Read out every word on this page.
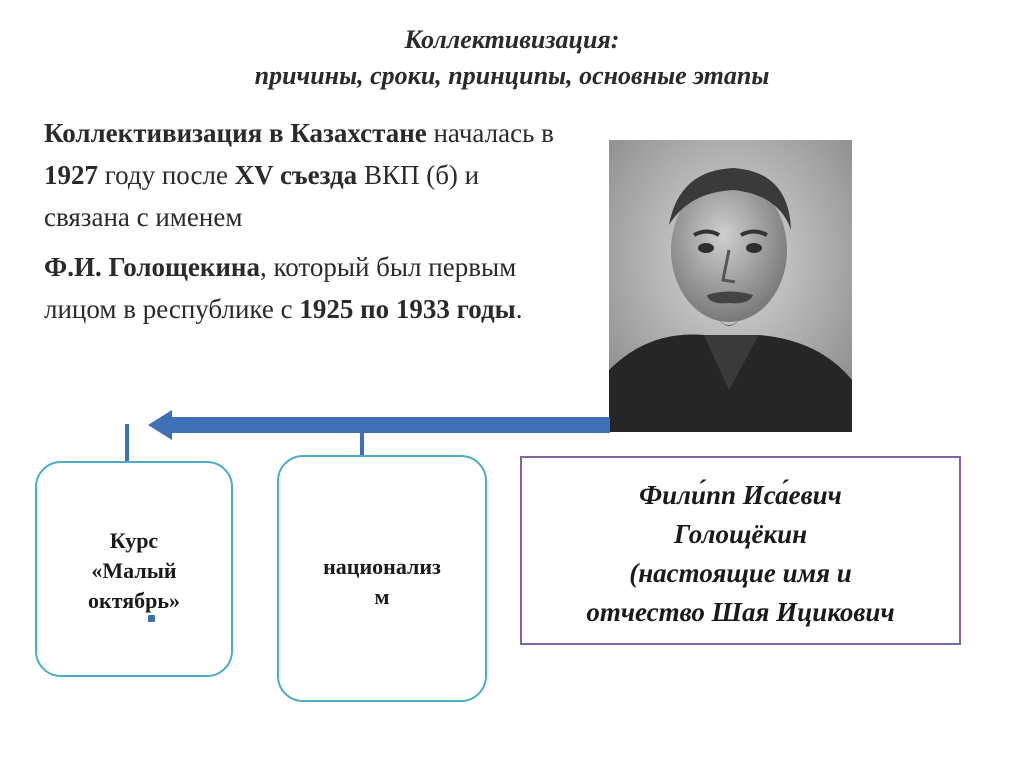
Коллективизация:
причины, сроки, принципы, основные этапы

Коллективизация в Казахстане началась в 1927 году после XV съезда ВКП (б) и связана с именем

Ф.И. Голощекина, который был первым лицом в республике с 1925 по 1933 годы.

Курс
«Малый
октябрь»
национализ
м
Фили́пп Иса́евич
Голощёкин
(настоящие имя и
отчество Шая Ицикович
